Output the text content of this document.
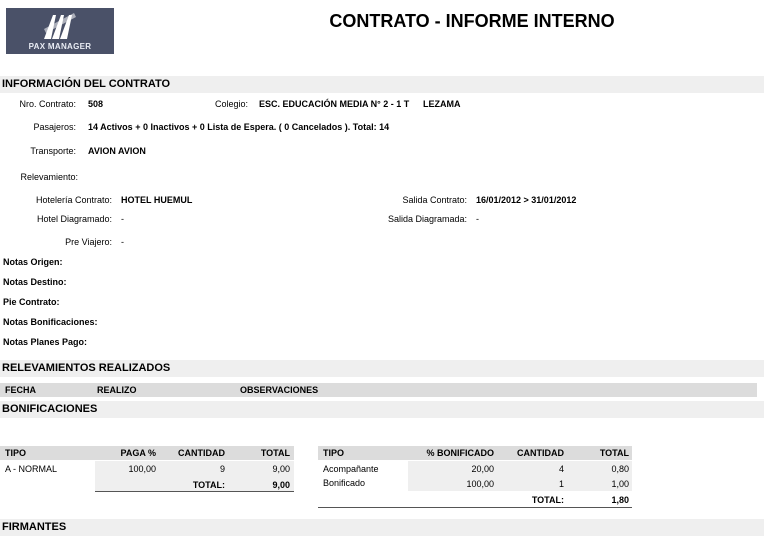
PAX MANAGER
CONTRATO - INFORME INTERNO
INFORMACIÓN DEL CONTRATO
Nro. Contrato: 508	Colegio: ESC. EDUCACIÓN MEDIA N° 2 - 1 T LEZAMA
Pasajeros: 14 Activos + 0 Inactivos + 0 Lista de Espera. ( 0 Cancelados ). Total: 14
Transporte: AVION AVION
Relevamiento:
Hotelería Contrato: HOTEL HUEMUL	Salida Contrato: 16/01/2012 > 31/01/2012
Hotel Diagramado: -	Salida Diagramada: -
Pre Viajero: -
Notas Origen:
Notas Destino:
Pie Contrato:
Notas Bonificaciones:
Notas Planes Pago:
RELEVAMIENTOS REALIZADOS
FECHA	REALIZO	OBSERVACIONES
BONIFICACIONES
TIPO	PAGA %	CANTIDAD	TOTAL
A - NORMAL	100,00	9	9,00
TOTAL:	9,00
TIPO	% BONIFICADO	CANTIDAD	TOTAL
Acompañante	20,00	4	0,80
Bonificado	100,00	1	1,00
TOTAL:	1,80
FIRMANTES
